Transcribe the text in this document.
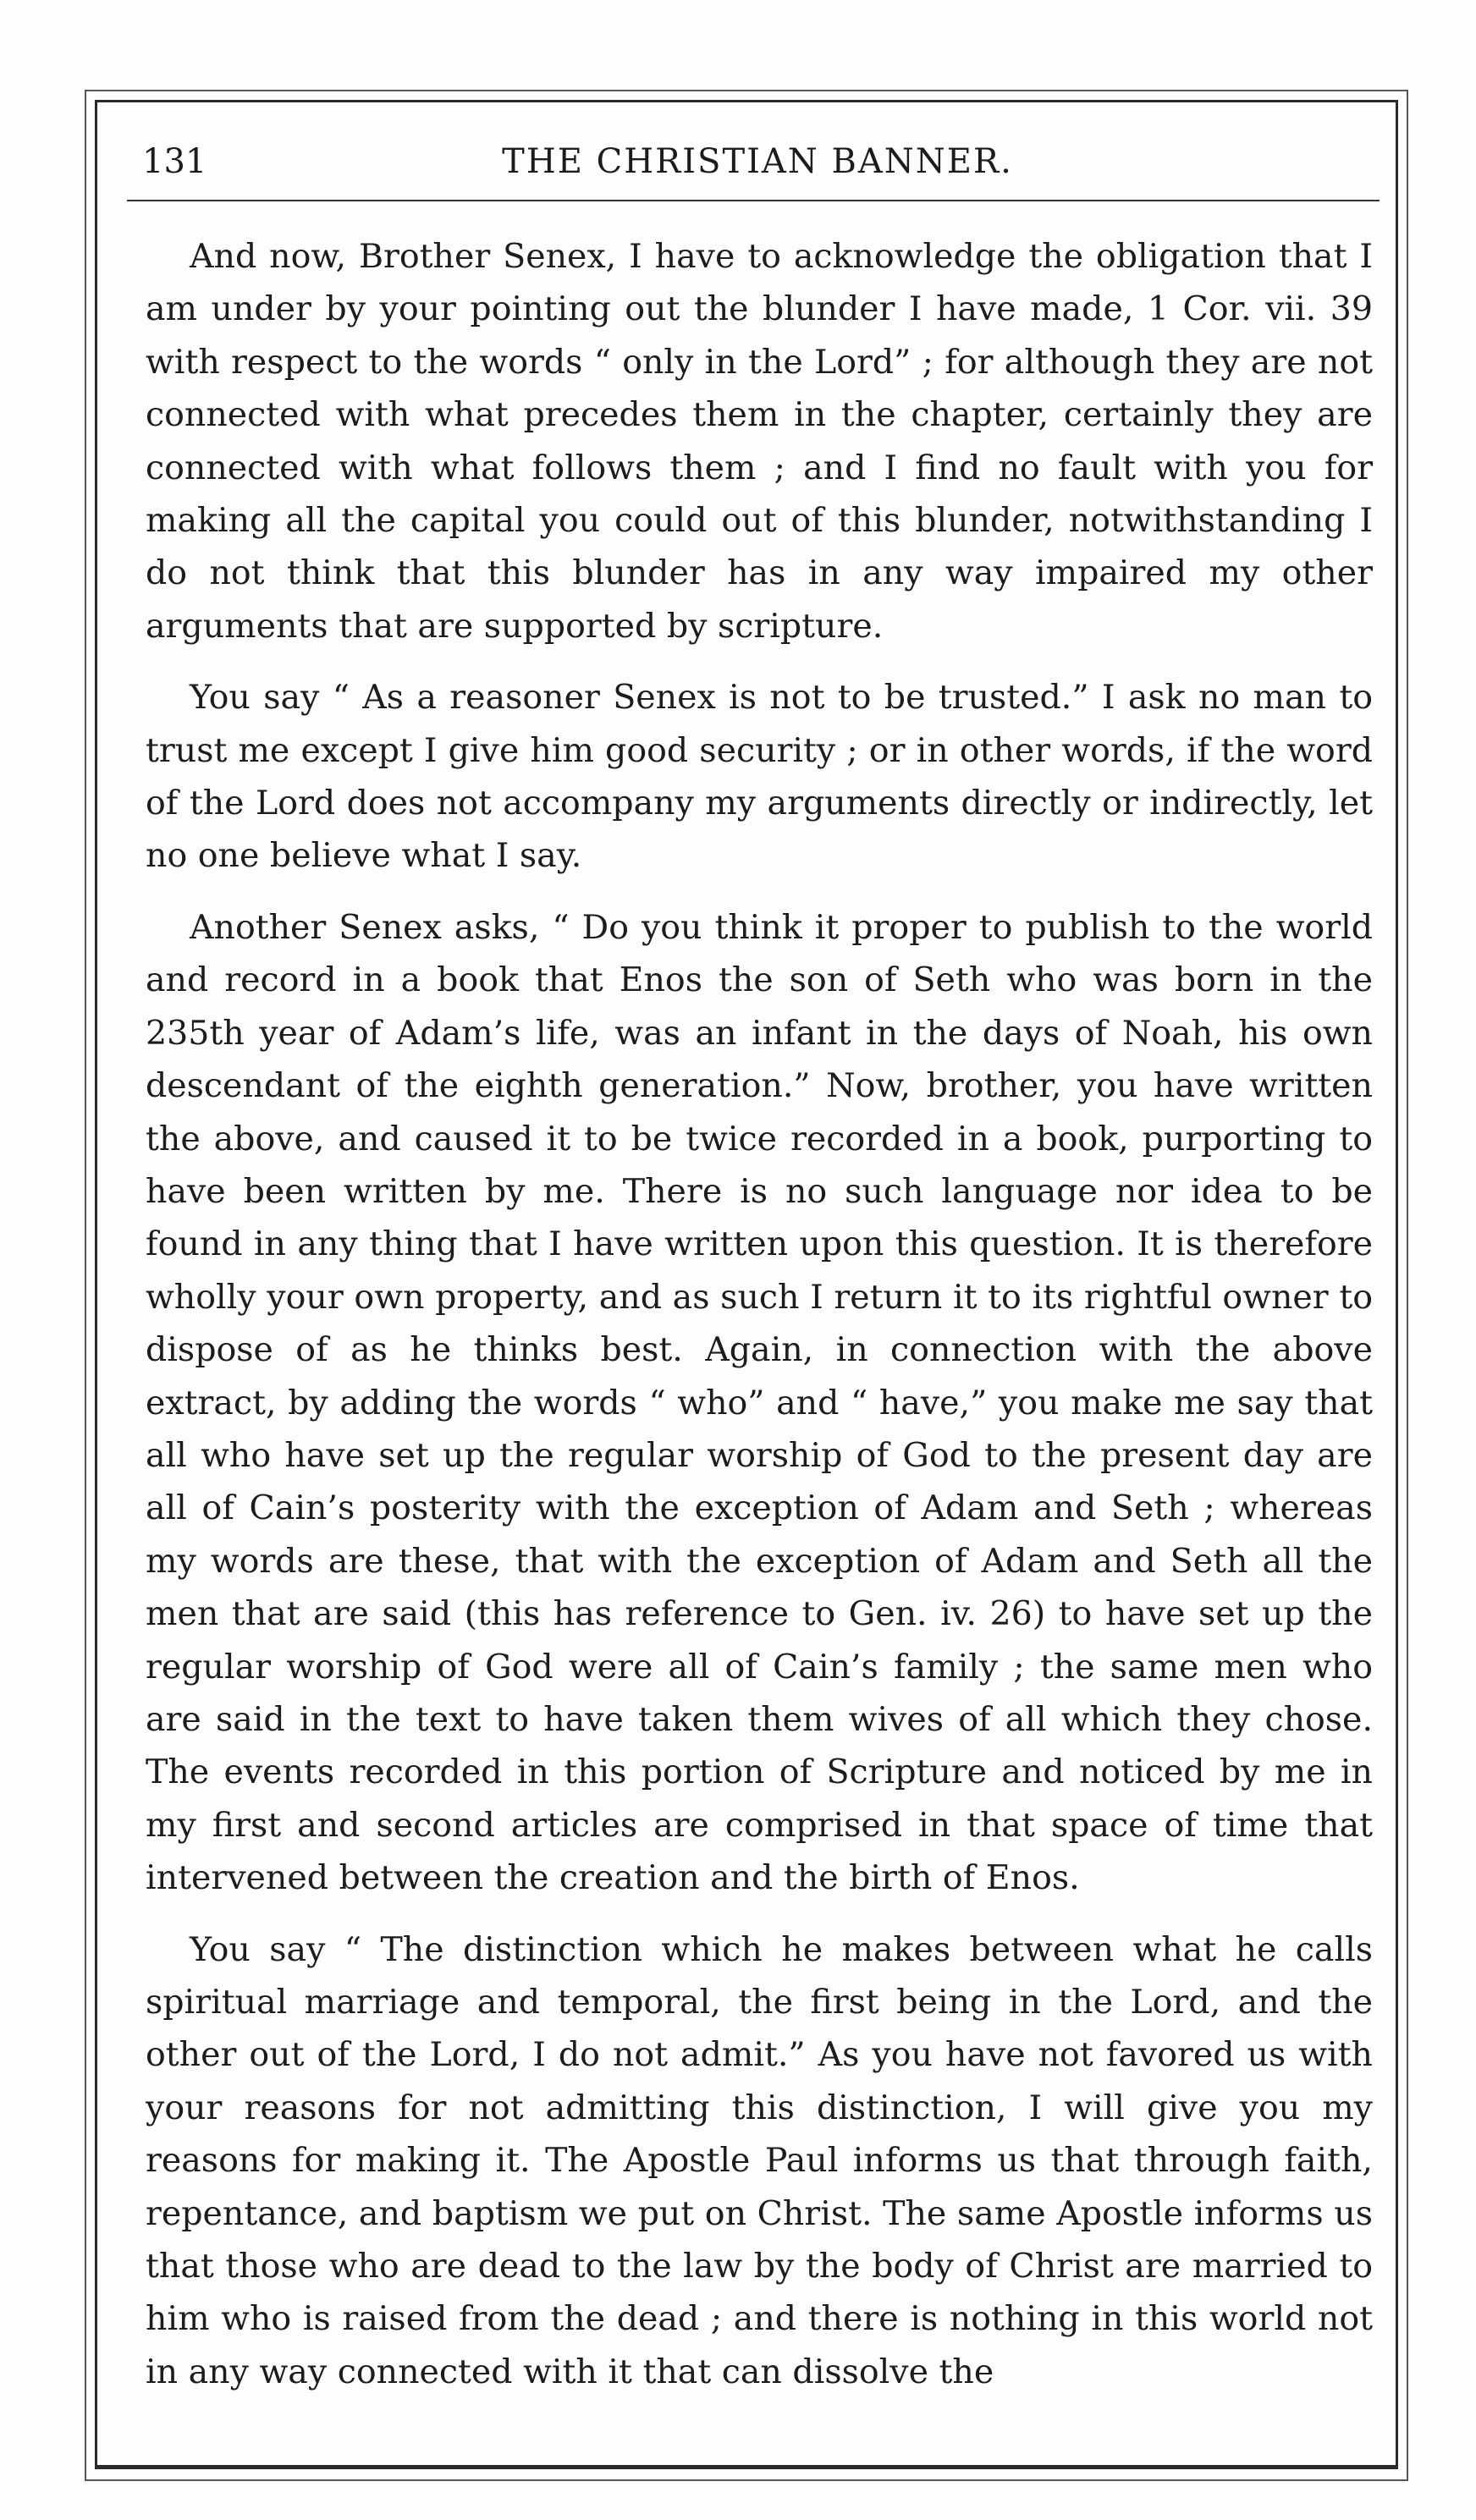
131	THE CHRISTIAN BANNER.

And now, Brother Senex, I have to acknowledge the obligation that I am under by your pointing out the blunder I have made, 1 Cor. vii. 39 with respect to the words “ only in the Lord” ; for although they are not connected with what precedes them in the chapter, certainly they are connected with what follows them ; and I find no fault with you for making all the capital you could out of this blunder, notwithstanding I do not think that this blunder has in any way impaired my other arguments that are supported by scripture.

You say “ As a reasoner Senex is not to be trusted.” I ask no man to trust me except I give him good security ; or in other words, if the word of the Lord does not accompany my arguments directly or indirectly, let no one believe what I say.

Another Senex asks, “ Do you think it proper to publish to the world and record in a book that Enos the son of Seth who was born in the 235th year of Adam’s life, was an infant in the days of Noah, his own descendant of the eighth generation.” Now, brother, you have written the above, and caused it to be twice recorded in a book, purporting to have been written by me. There is no such language nor idea to be found in any thing that I have written upon this question. It is therefore wholly your own property, and as such I return it to its rightful owner to dispose of as he thinks best. Again, in connection with the above extract, by adding the words “ who” and “ have,” you make me say that all who have set up the regular worship of God to the present day are all of Cain’s posterity with the exception of Adam and Seth ; whereas my words are these, that with the exception of Adam and Seth all the men that are said (this has reference to Gen. iv. 26) to have set up the regular worship of God were all of Cain’s family ; the same men who are said in the text to have taken them wives of all which they chose. The events recorded in this portion of Scripture and noticed by me in my first and second articles are comprised in that space of time that intervened between the creation and the birth of Enos.

You say “ The distinction which he makes between what he calls spiritual marriage and temporal, the first being in the Lord, and the other out of the Lord, I do not admit.” As you have not favored us with your reasons for not admitting this distinction, I will give you my reasons for making it. The Apostle Paul informs us that through faith, repentance, and baptism we put on Christ. The same Apostle informs us that those who are dead to the law by the body of Christ are married to him who is raised from the dead ; and there is nothing in this world not in any way connected with it that can dissolve the
